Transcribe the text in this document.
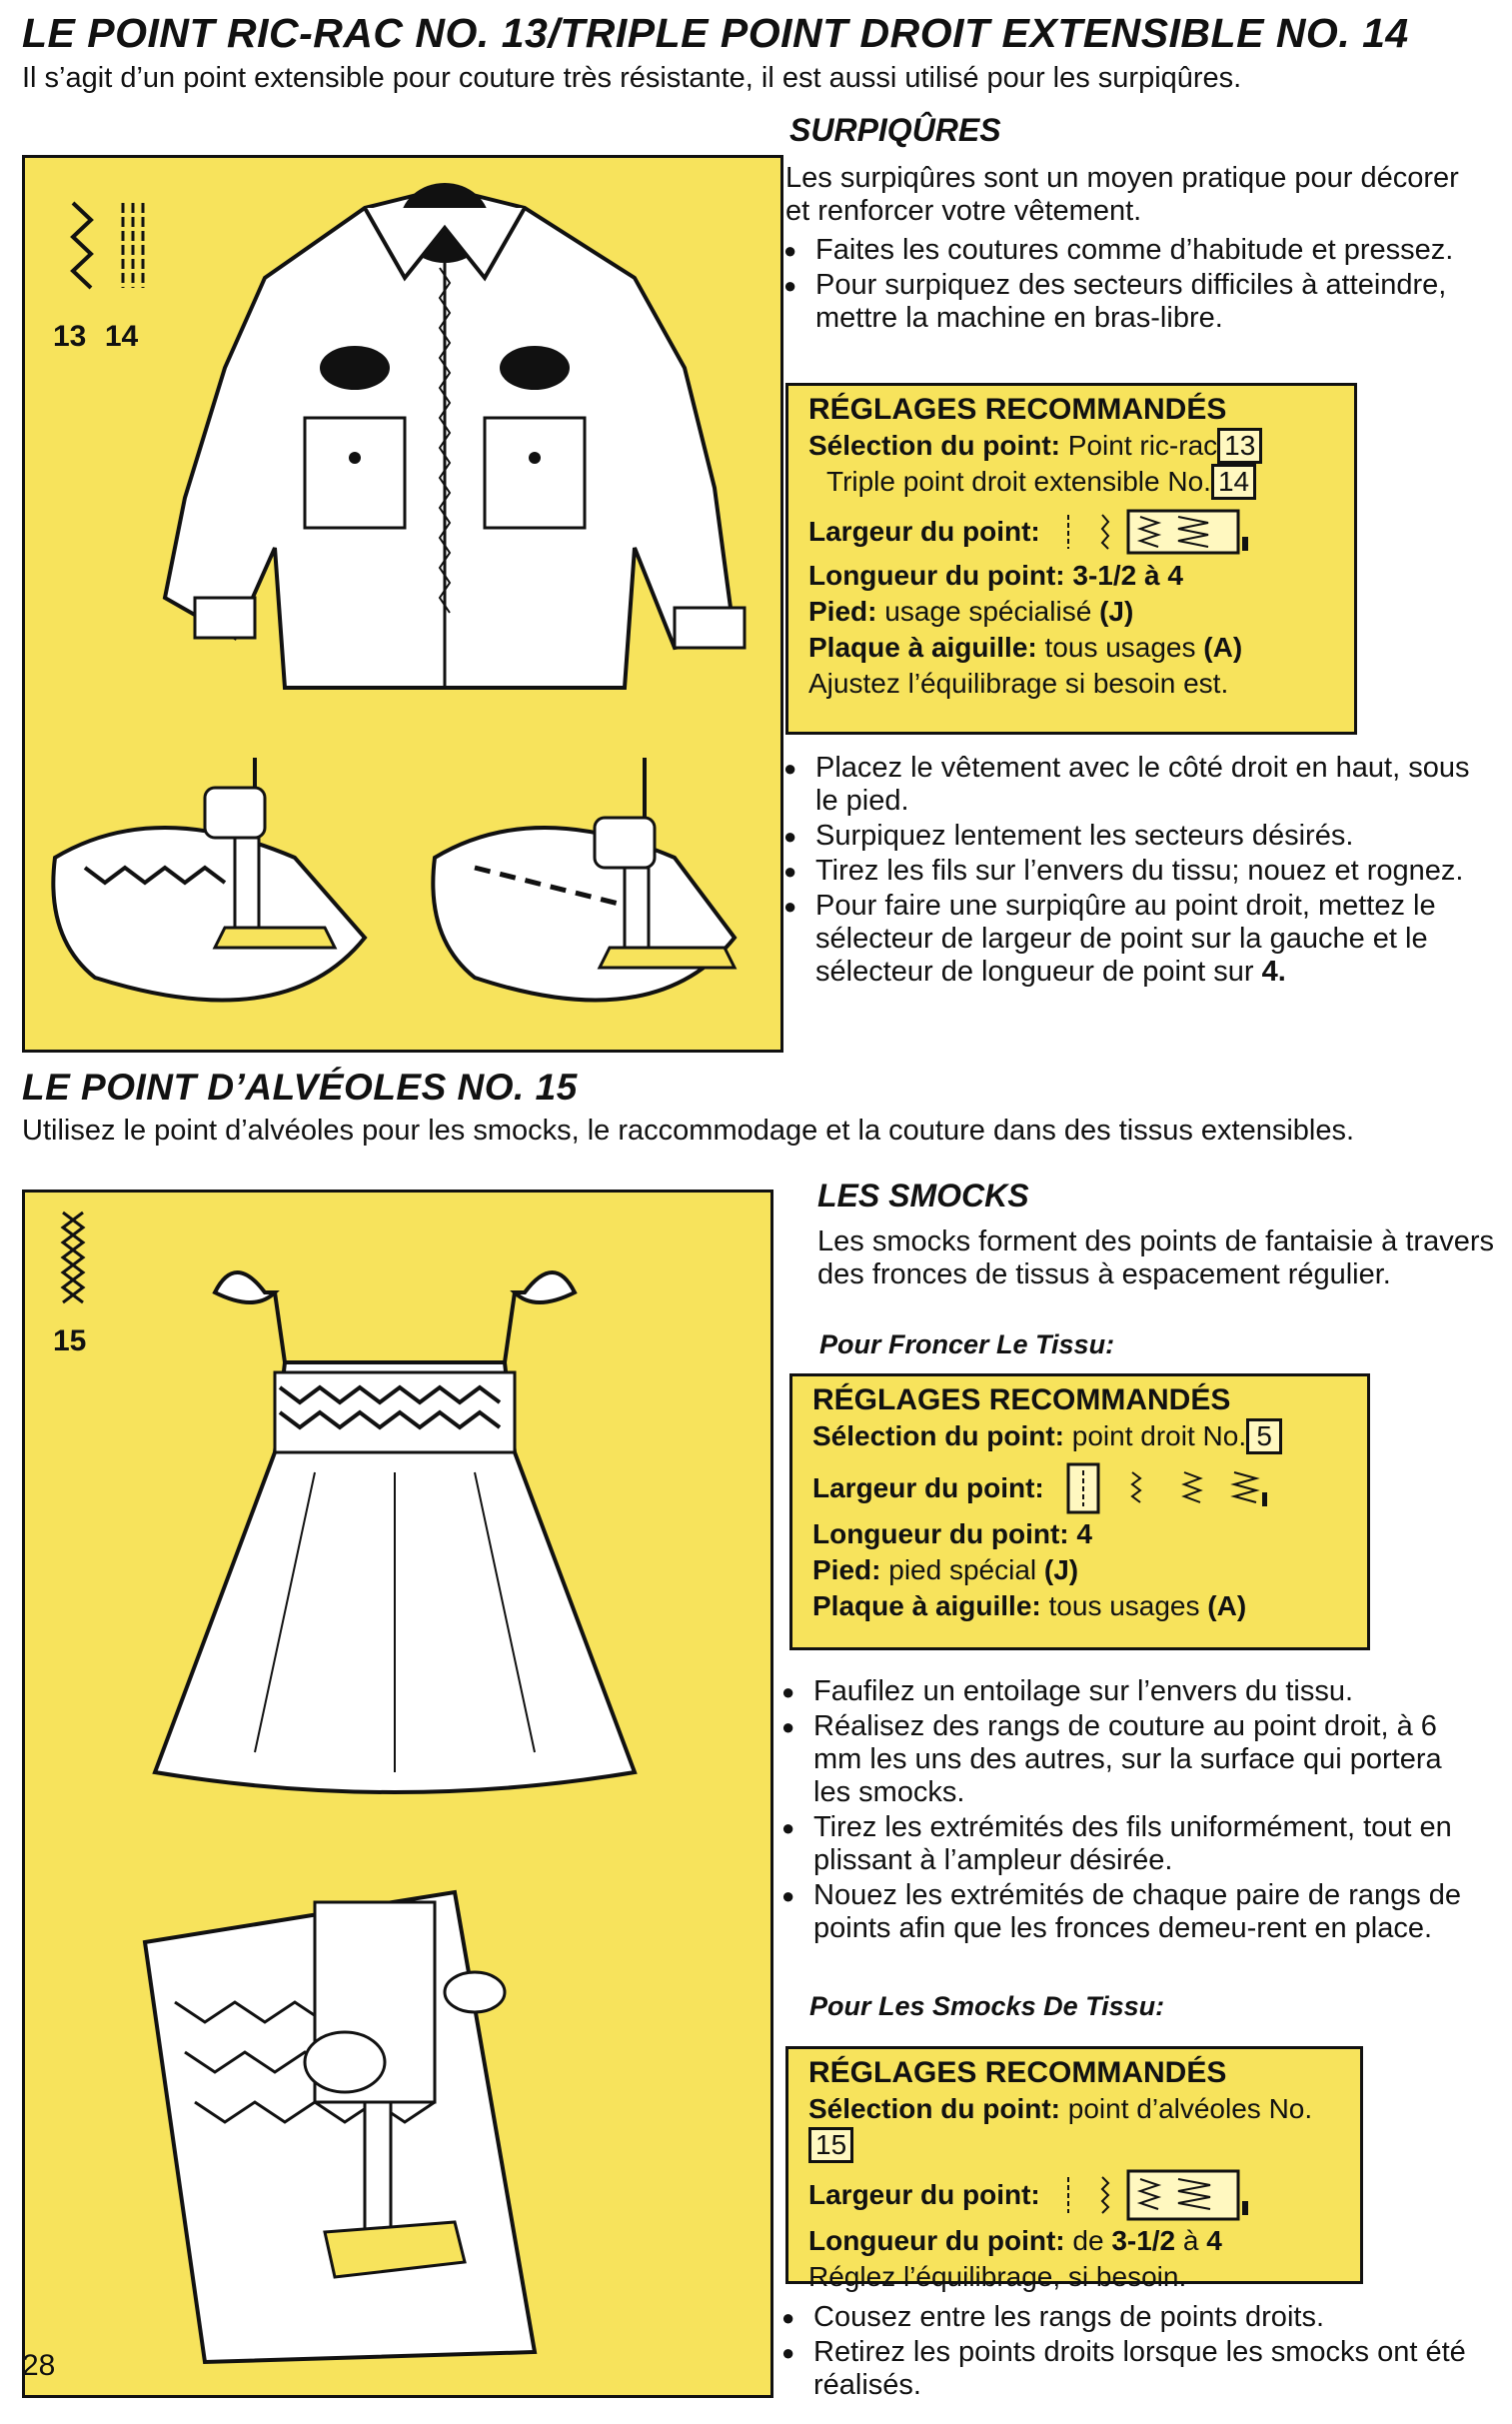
LE POINT RIC-RAC NO. 13/TRIPLE POINT DROIT EXTENSIBLE NO. 14
Il s’agit d’un point extensible pour couture très résistante, il est aussi utilisé pour les surpiqûres.
13 14
SURPIQÛRES
Les surpiqûres sont un moyen pratique pour décorer et renforcer votre vêtement.
● Faites les coutures comme d’habitude et pressez.
● Pour surpiquez des secteurs difficiles à atteindre, mettre la machine en bras-libre.
RÉGLAGES RECOMMANDÉS
Sélection du point: Point ric-rac 13
Triple point droit extensible No. 14
Largeur du point:
Longueur du point: 3-1/2 à 4
Pied: usage spécialisé (J)
Plaque à aiguille: tous usages (A)
Ajustez l’équilibrage si besoin est.
● Placez le vêtement avec le côté droit en haut, sous le pied.
● Surpiquez lentement les secteurs désirés.
● Tirez les fils sur l’envers du tissu; nouez et rognez.
● Pour faire une surpiqûre au point droit, mettez le sélecteur de largeur de point sur la gauche et le sélecteur de longueur de point sur 4.
LE POINT D’ALVÉOLES NO. 15
Utilisez le point d’alvéoles pour les smocks, le raccommodage et la couture dans des tissus extensibles.
15
LES SMOCKS
Les smocks forment des points de fantaisie à travers des fronces de tissus à espacement régulier.
Pour Froncer Le Tissu:
RÉGLAGES RECOMMANDÉS
Sélection du point: point droit No. 5
Largeur du point:
Longueur du point: 4
Pied: pied spécial (J)
Plaque à aiguille: tous usages (A)
● Faufilez un entoilage sur l’envers du tissu.
● Réalisez des rangs de couture au point droit, à 6 mm les uns des autres, sur la surface qui portera les smocks.
● Tirez les extrémités des fils uniformément, tout en plissant à l’ampleur désirée.
● Nouez les extrémités de chaque paire de rangs de points afin que les fronces demeu-rent en place.
Pour Les Smocks De Tissu:
RÉGLAGES RECOMMANDÉS
Sélection du point: point d’alvéoles No.15
Largeur du point:
Longueur du point: de 3-1/2 à 4
Réglez l’équilibrage, si besoin.
● Cousez entre les rangs de points droits.
● Retirez les points droits lorsque les smocks ont été réalisés.
28
